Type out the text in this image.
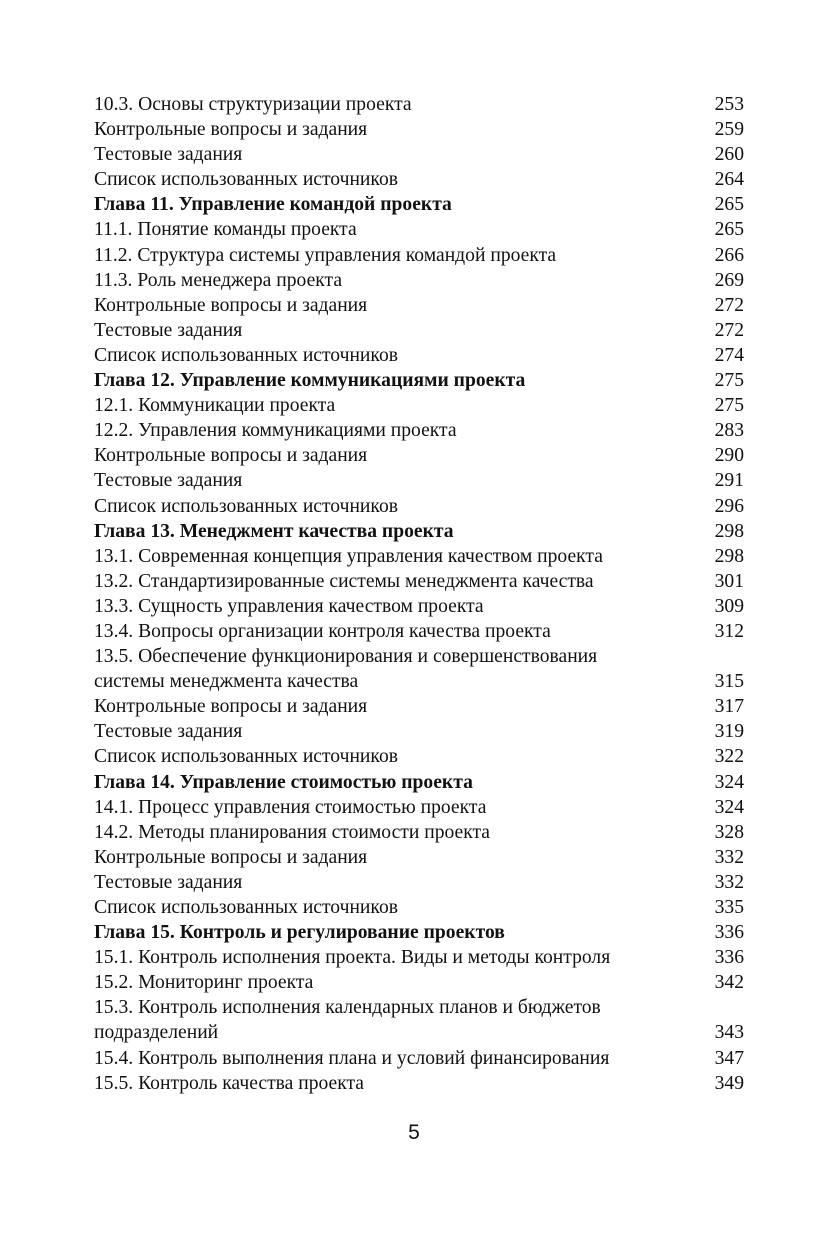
10.3. Основы структуризации проекта	253
Контрольные вопросы и задания	259
Тестовые задания	260
Список использованных источников	264
Глава 11. Управление командой проекта	265
11.1. Понятие команды проекта	265
11.2. Структура системы управления командой проекта	266
11.3. Роль менеджера проекта	269
Контрольные вопросы и задания	272
Тестовые задания	272
Список использованных источников	274
Глава 12. Управление коммуникациями проекта	275
12.1. Коммуникации проекта	275
12.2. Управления коммуникациями проекта	283
Контрольные вопросы и задания	290
Тестовые задания	291
Список использованных источников	296
Глава 13. Менеджмент качества проекта	298
13.1. Современная концепция управления качеством проекта	298
13.2. Стандартизированные системы менеджмента качества	301
13.3. Сущность управления качеством проекта	309
13.4. Вопросы организации контроля качества проекта	312
13.5. Обеспечение функционирования и совершенствования
системы менеджмента качества	315
Контрольные вопросы и задания	317
Тестовые задания	319
Список использованных источников	322
Глава 14. Управление стоимостью проекта	324
14.1. Процесс управления стоимостью проекта	324
14.2. Методы планирования стоимости проекта	328
Контрольные вопросы и задания	332
Тестовые задания	332
Список использованных источников	335
Глава 15. Контроль и регулирование проектов	336
15.1. Контроль исполнения проекта. Виды и методы контроля	336
15.2. Мониторинг проекта	342
15.3. Контроль исполнения календарных планов и бюджетов
подразделений	343
15.4. Контроль выполнения плана и условий финансирования	347
15.5. Контроль качества проекта	349
5
